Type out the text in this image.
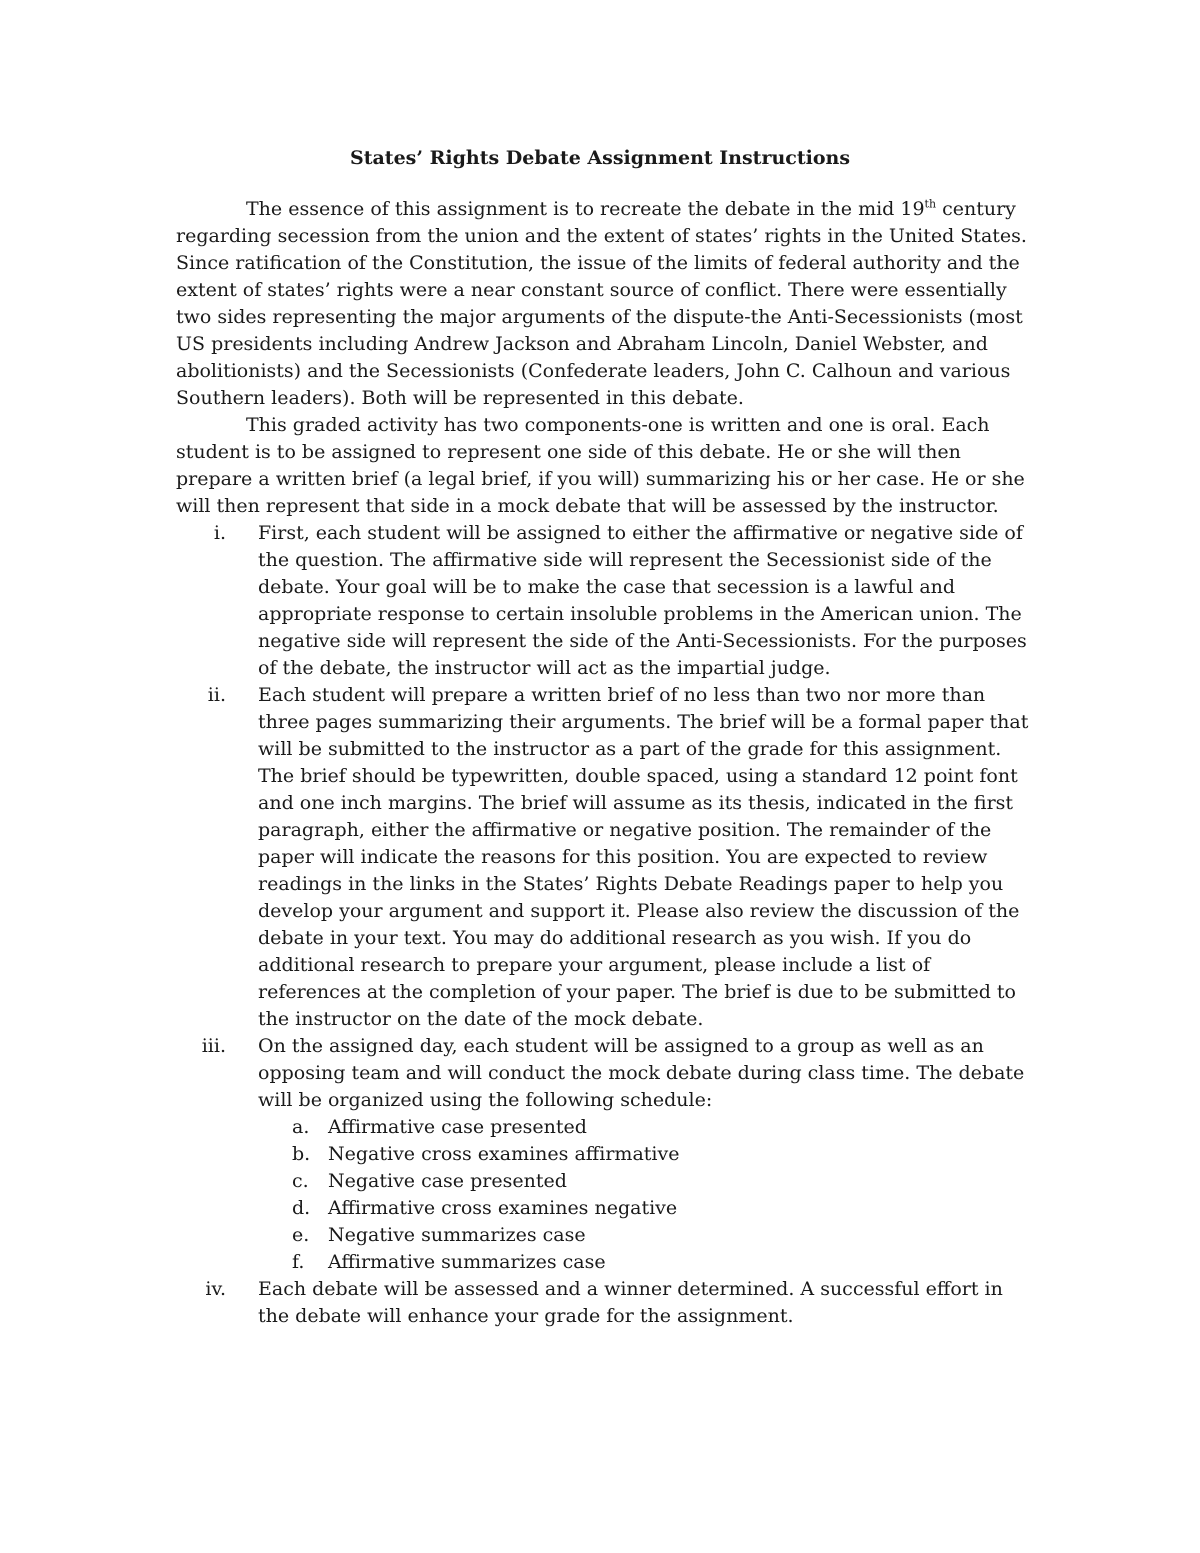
States’ Rights Debate Assignment Instructions

The essence of this assignment is to recreate the debate in the mid 19th century regarding secession from the union and the extent of states’ rights in the United States. Since ratification of the Constitution, the issue of the limits of federal authority and the extent of states’ rights were a near constant source of conflict. There were essentially two sides representing the major arguments of the dispute-the Anti-Secessionists (most US presidents including Andrew Jackson and Abraham Lincoln, Daniel Webster, and abolitionists) and the Secessionists (Confederate leaders, John C. Calhoun and various Southern leaders). Both will be represented in this debate.

This graded activity has two components-one is written and one is oral. Each student is to be assigned to represent one side of this debate. He or she will then prepare a written brief (a legal brief, if you will) summarizing his or her case. He or she will then represent that side in a mock debate that will be assessed by the instructor.

i. First, each student will be assigned to either the affirmative or negative side of the question. The affirmative side will represent the Secessionist side of the debate. Your goal will be to make the case that secession is a lawful and appropriate response to certain insoluble problems in the American union. The negative side will represent the side of the Anti-Secessionists. For the purposes of the debate, the instructor will act as the impartial judge.
ii. Each student will prepare a written brief of no less than two nor more than three pages summarizing their arguments. The brief will be a formal paper that will be submitted to the instructor as a part of the grade for this assignment. The brief should be typewritten, double spaced, using a standard 12 point font and one inch margins. The brief will assume as its thesis, indicated in the first paragraph, either the affirmative or negative position. The remainder of the paper will indicate the reasons for this position. You are expected to review readings in the links in the States’ Rights Debate Readings paper to help you develop your argument and support it. Please also review the discussion of the debate in your text. You may do additional research as you wish. If you do additional research to prepare your argument, please include a list of references at the completion of your paper. The brief is due to be submitted to the instructor on the date of the mock debate.
iii. On the assigned day, each student will be assigned to a group as well as an opposing team and will conduct the mock debate during class time. The debate will be organized using the following schedule:
a. Affirmative case presented
b. Negative cross examines affirmative
c.	Negative case presented
d. Affirmative cross examines negative
e. Negative summarizes case
f.	Affirmative summarizes case
iv. Each debate will be assessed and a winner determined. A successful effort in the debate will enhance your grade for the assignment.
